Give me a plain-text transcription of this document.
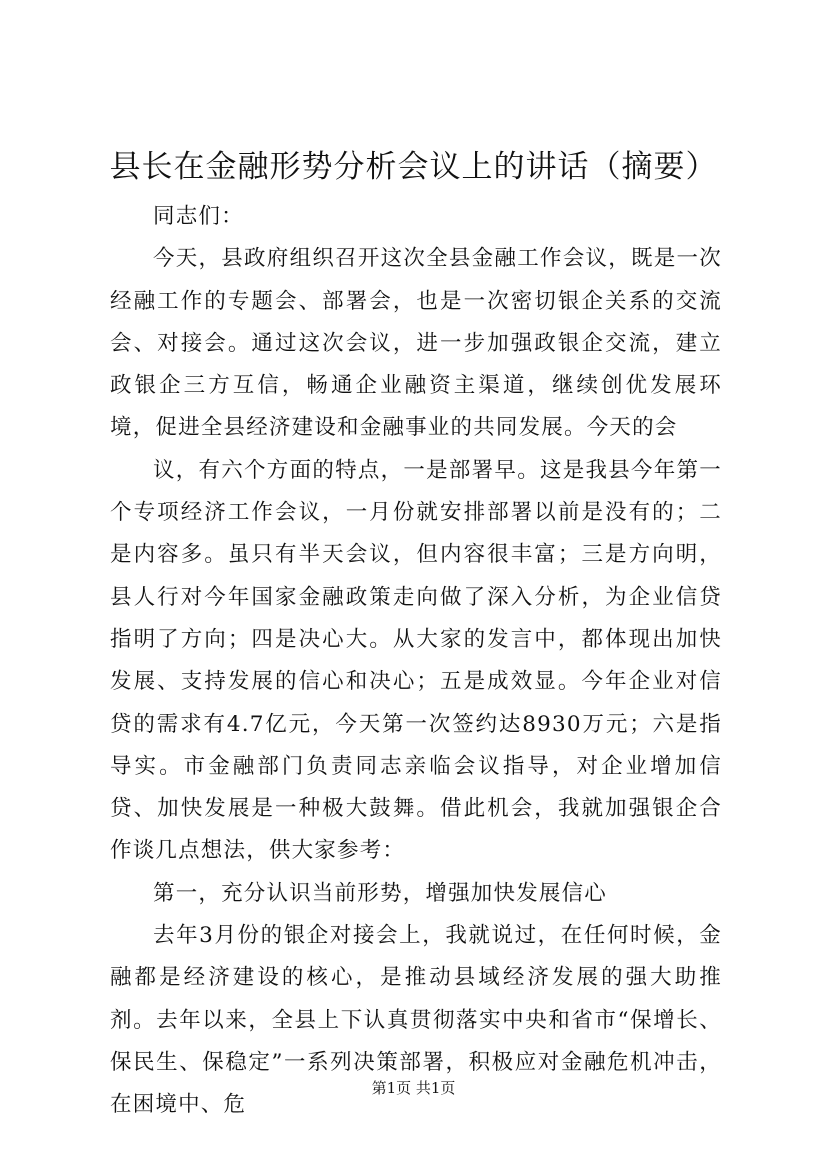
县长在金融形势分析会议上的讲话（摘要）

同志们：

今天，县政府组织召开这次全县金融工作会议，既是一次经融工作的专题会、部署会，也是一次密切银企关系的交流会、对接会。通过这次会议，进一步加强政银企交流，建立政银企三方互信，畅通企业融资主渠道，继续创优发展环境，促进全县经济建设和金融事业的共同发展。今天的会

议，有六个方面的特点，一是部署早。这是我县今年第一个专项经济工作会议，一月份就安排部署以前是没有的；二是内容多。虽只有半天会议，但内容很丰富；三是方向明，县人行对今年国家金融政策走向做了深入分析，为企业信贷指明了方向；四是决心大。从大家的发言中，都体现出加快发展、支持发展的信心和决心；五是成效显。今年企业对信贷的需求有4.7亿元，今天第一次签约达8930万元；六是指导实。市金融部门负责同志亲临会议指导，对企业增加信贷、加快发展是一种极大鼓舞。借此机会，我就加强银企合作谈几点想法，供大家参考：

第一，充分认识当前形势，增强加快发展信心

去年3月份的银企对接会上，我就说过，在任何时候，金融都是经济建设的核心，是推动县域经济发展的强大助推剂。去年以来，全县上下认真贯彻落实中央和省市“保增长、保民生、保稳定”一系列决策部署，积极应对金融危机冲击，在困境中、危

第1页 共1页
